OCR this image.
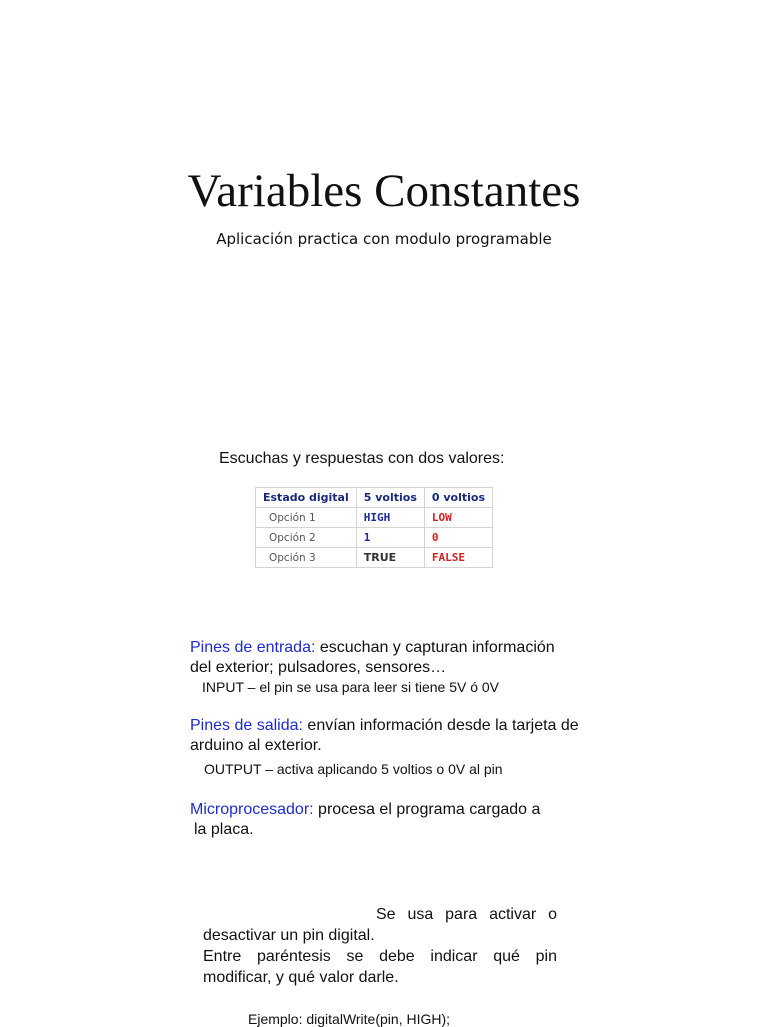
Variables Constantes
Aplicación practica con modulo programable
Escuchas y respuestas con dos valores:
Estado digital	5 voltios	0 voltios
Opción 1	HIGH	LOW
Opción 2	1	0
Opción 3	TRUE	FALSE
Pines de entrada: escuchan y capturan información del exterior; pulsadores, sensores…
INPUT – el pin se usa para leer si tiene 5V ó 0V
Pines de salida: envían información desde la tarjeta de arduino al exterior.
OUTPUT – activa aplicando 5 voltios o 0V al pin
Microprocesador: procesa el programa cargado a
la placa.
Se usa para activar o desactivar un pin digital.
Entre paréntesis se debe indicar qué pin modificar, y qué valor darle.
Ejemplo: digitalWrite(pin, HIGH);
